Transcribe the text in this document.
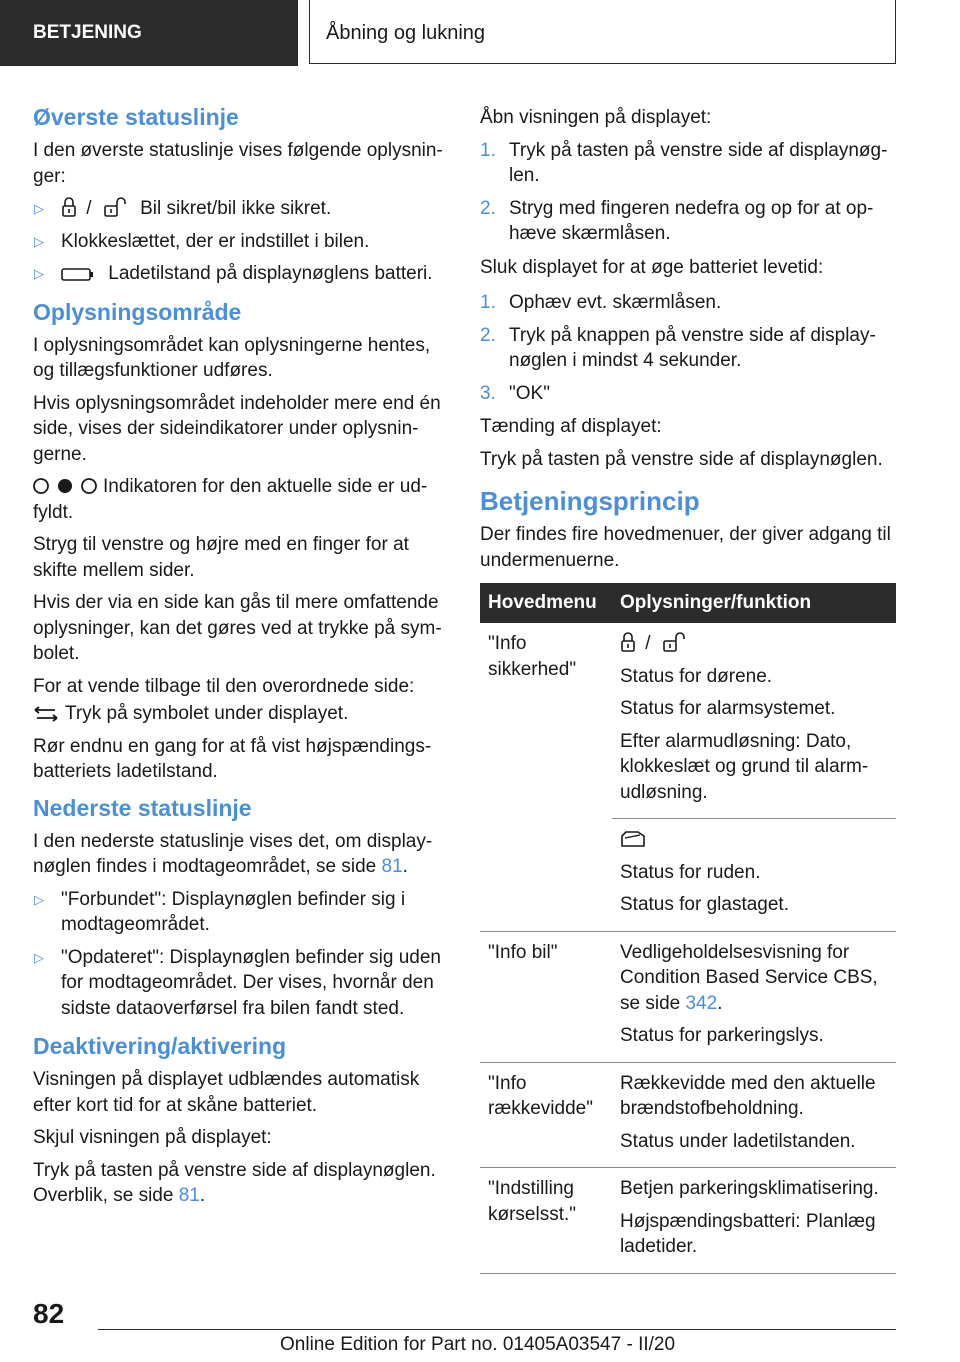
BETJENING	Åbning og lukning
Øverste statuslinje

I den øverste statuslinje vises følgende oplysnin-ger:

▷ /	Bil sikret/bil ikke sikret.
▷ Klokkeslættet, der er indstillet i bilen.
▷	Ladetilstand på displaynøglens batteri.
Oplysningsområde

I oplysningsområdet kan oplysningerne hentes, og tillægsfunktioner udføres.

Hvis oplysningsområdet indeholder mere end én side, vises der sideindikatorer under oplysnin-gerne.

Indikatoren for den aktuelle side er ud-fyldt.

Stryg til venstre og højre med en finger for at skifte mellem sider.

Hvis der via en side kan gås til mere omfattende oplysninger, kan det gøres ved at trykke på sym-bolet.

For at vende tilbage til den overordnede side:

Tryk på symbolet under displayet.

Rør endnu en gang for at få vist højspændings-batteriets ladetilstand.

Nederste statuslinje

I den nederste statuslinje vises det, om display-nøglen findes i modtageområdet, se side 81.

▷ "Forbundet": Displaynøglen befinder sig i modtageområdet.
▷ "Opdateret": Displaynøglen befinder sig uden for modtageområdet. Der vises, hvornår den sidste dataoverførsel fra bilen fandt sted.
Deaktivering/aktivering

Visningen på displayet udblændes automatisk efter kort tid for at skåne batteriet.

Skjul visningen på displayet:

Tryk på tasten på venstre side af displaynøglen.

Overblik, se side 81.

Åbn visningen på displayet:

1. Tryk på tasten på venstre side af displaynøg-len.
2. Stryg med fingeren nedefra og op for at op-hæve skærmlåsen.

Sluk displayet for at øge batteriet levetid:

1. Ophæv evt. skærmlåsen.
2. Tryk på knappen på venstre side af display-nøglen i mindst 4 sekunder.
3. "OK"

Tænding af displayet:

Tryk på tasten på venstre side af displaynøglen.

Betjeningsprincip

Der findes fire hovedmenuer, der giver adgang til undermenuerne.

Hovedmenu	Oplysninger/funktion
"Info sikkerhed"	/

Status for dørene.

Status for alarmsystemet.

Efter alarmudløsning: Dato, klokkeslæt og grund til alarm-udløsning.

	Status for ruden.

Status for glastaget.

"Info bil"	Vedligeholdelsesvisning for Condition Based Service CBS, se side 342.

Status for parkeringslys.

"Info rækkevidde"	Rækkevidde med den aktuelle brændstofbeholdning.

Status under ladetilstanden.

"Indstilling kørselsst."	Betjen parkeringsklimatisering.

Højspændingsbatteri: Planlæg ladetider.

82
Online Edition for Part no. 01405A03547 - II/20
